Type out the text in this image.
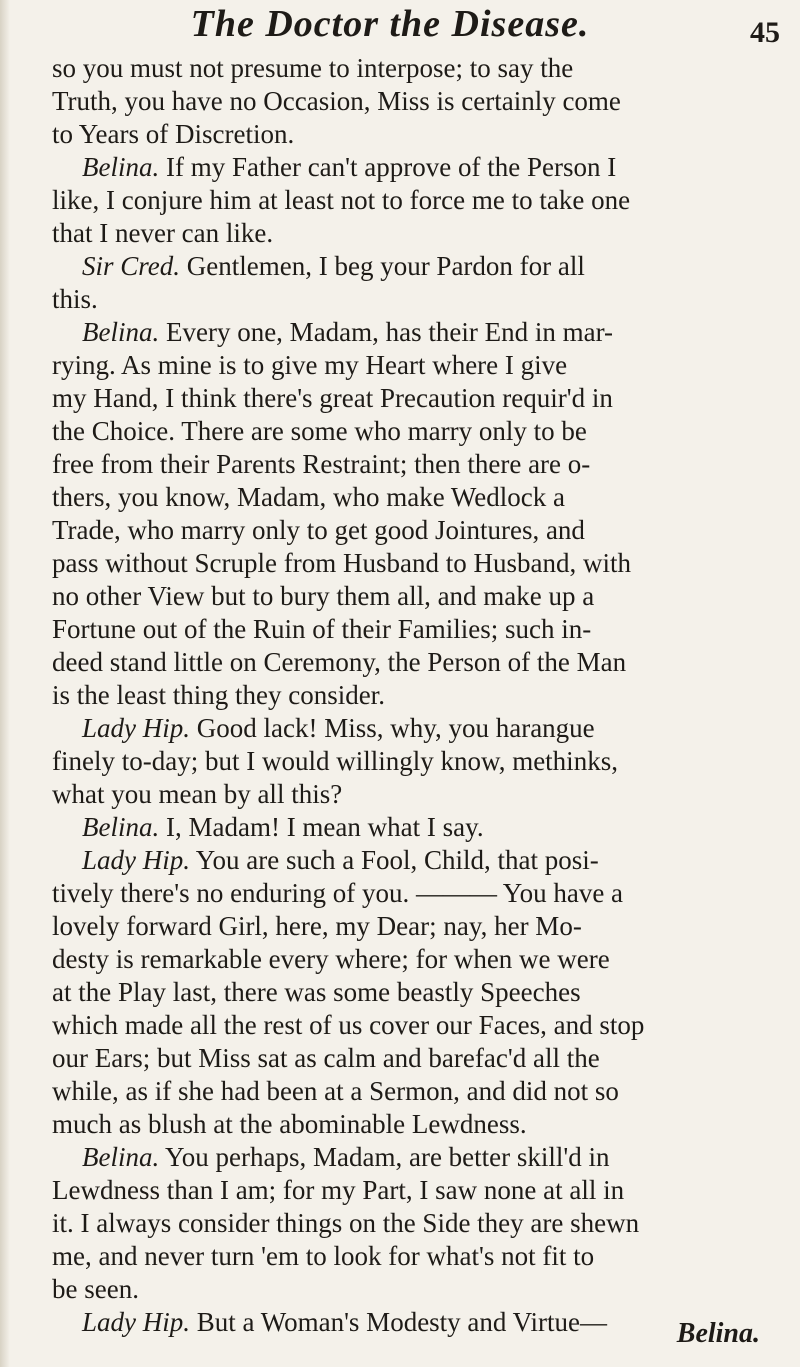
The Doctor the Disease.	45
so you must not presume to interpose; to say the
Truth, you have no Occasion, Miss is certainly come
to Years of Discretion.
Belina. If my Father can't approve of the Person I
like, I conjure him at least not to force me to take one
that I never can like.
Sir Cred. Gentlemen, I beg your Pardon for all
this.
Belina. Every one, Madam, has their End in mar-
rying. As mine is to give my Heart where I give
my Hand, I think there's great Precaution requir'd in
the Choice. There are some who marry only to be
free from their Parents Restraint; then there are o-
thers, you know, Madam, who make Wedlock a
Trade, who marry only to get good Jointures, and
pass without Scruple from Husband to Husband, with
no other View but to bury them all, and make up a
Fortune out of the Ruin of their Families; such in-
deed stand little on Ceremony, the Person of the Man
is the least thing they consider.
Lady Hip. Good lack! Miss, why, you harangue
finely to-day; but I would willingly know, methinks,
what you mean by all this?
Belina. I, Madam! I mean what I say.
Lady Hip. You are such a Fool, Child, that posi-
tively there's no enduring of you. ——— You have a
lovely forward Girl, here, my Dear; nay, her Mo-
desty is remarkable every where; for when we were
at the Play last, there was some beastly Speeches
which made all the rest of us cover our Faces, and stop
our Ears; but Miss sat as calm and barefac'd all the
while, as if she had been at a Sermon, and did not so
much as blush at the abominable Lewdness.
Belina. You perhaps, Madam, are better skill'd in
Lewdness than I am; for my Part, I saw none at all in
it. I always consider things on the Side they are shewn
me, and never turn 'em to look for what's not fit to
be seen.
Lady Hip. But a Woman's Modesty and Virtue—	Belina.
